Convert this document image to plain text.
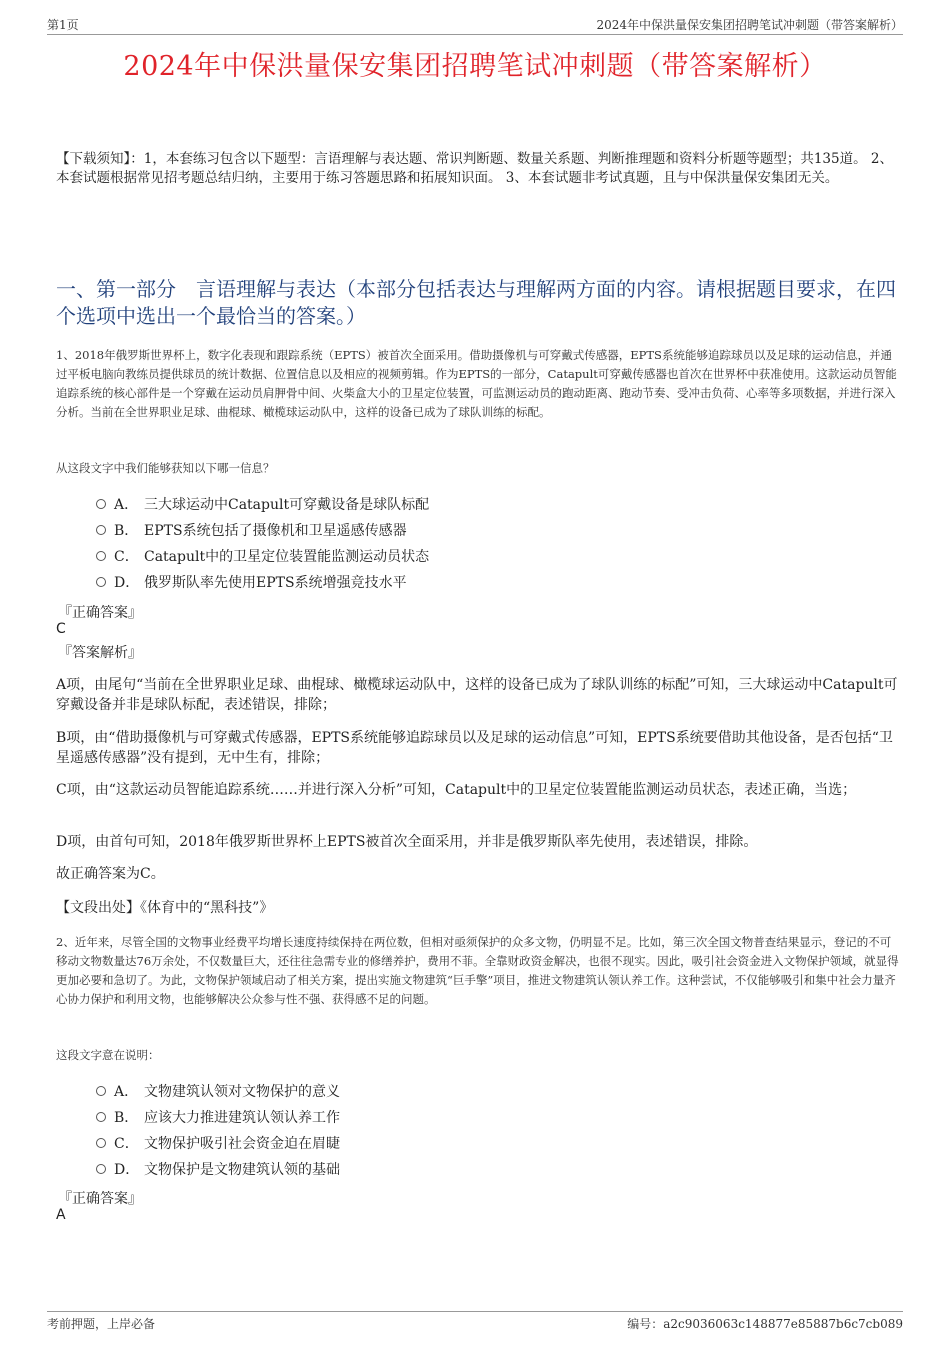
第1页	2024年中保洪量保安集团招聘笔试冲刺题（带答案解析）
2024年中保洪量保安集团招聘笔试冲刺题（带答案解析）
【下载须知】：1，本套练习包含以下题型：言语理解与表达题、常识判断题、数量关系题、判断推理题和资料分析题等题型；共135道。 2、本套试题根据常见招考题总结归纳，主要用于练习答题思路和拓展知识面。 3、本套试题非考试真题，且与中保洪量保安集团无关。
一、第一部分　言语理解与表达（本部分包括表达与理解两方面的内容。请根据题目要求，在四个选项中选出一个最恰当的答案。）
1、2018年俄罗斯世界杯上，数字化表现和跟踪系统（EPTS）被首次全面采用。借助摄像机与可穿戴式传感器，EPTS系统能够追踪球员以及足球的运动信息，并通过平板电脑向教练员提供球员的统计数据、位置信息以及相应的视频剪辑。作为EPTS的一部分，Catapult可穿戴传感器也首次在世界杯中获准使用。这款运动员智能追踪系统的核心部件是一个穿戴在运动员肩胛骨中间、火柴盒大小的卫星定位装置，可监测运动员的跑动距离、跑动节奏、受冲击负荷、心率等多项数据，并进行深入分析。当前在全世界职业足球、曲棍球、橄榄球运动队中，这样的设备已成为了球队训练的标配。
从这段文字中我们能够获知以下哪一信息？
A． 三大球运动中Catapult可穿戴设备是球队标配
B． EPTS系统包括了摄像机和卫星遥感传感器
C． Catapult中的卫星定位装置能监测运动员状态
D． 俄罗斯队率先使用EPTS系统增强竞技水平
『正确答案』
C
『答案解析』
A项，由尾句“当前在全世界职业足球、曲棍球、橄榄球运动队中，这样的设备已成为了球队训练的标配”可知，三大球运动中Catapult可穿戴设备并非是球队标配，表述错误，排除；
B项，由“借助摄像机与可穿戴式传感器，EPTS系统能够追踪球员以及足球的运动信息”可知，EPTS系统要借助其他设备，是否包括“卫星遥感传感器”没有提到，无中生有，排除；
C项，由“这款运动员智能追踪系统……并进行深入分析”可知，Catapult中的卫星定位装置能监测运动员状态，表述正确，当选；
D项，由首句可知，2018年俄罗斯世界杯上EPTS被首次全面采用，并非是俄罗斯队率先使用，表述错误，排除。
故正确答案为C。
【文段出处】《体育中的“黑科技”》
2、近年来，尽管全国的文物事业经费平均增长速度持续保持在两位数，但相对亟须保护的众多文物，仍明显不足。比如，第三次全国文物普查结果显示，登记的不可移动文物数量达76万余处，不仅数量巨大，还往往急需专业的修缮养护，费用不菲。全靠财政资金解决，也很不现实。因此，吸引社会资金进入文物保护领域，就显得更加必要和急切了。为此，文物保护领域启动了相关方案，提出实施文物建筑“巨手擎”项目，推进文物建筑认领认养工作。这种尝试，不仅能够吸引和集中社会力量齐心协力保护和利用文物，也能够解决公众参与性不强、获得感不足的问题。
这段文字意在说明：
A． 文物建筑认领对文物保护的意义
B． 应该大力推进建筑认领认养工作
C． 文物保护吸引社会资金迫在眉睫
D． 文物保护是文物建筑认领的基础
『正确答案』
A
考前押题，上岸必备	编号：a2c9036063c148877e85887b6c7cb089
